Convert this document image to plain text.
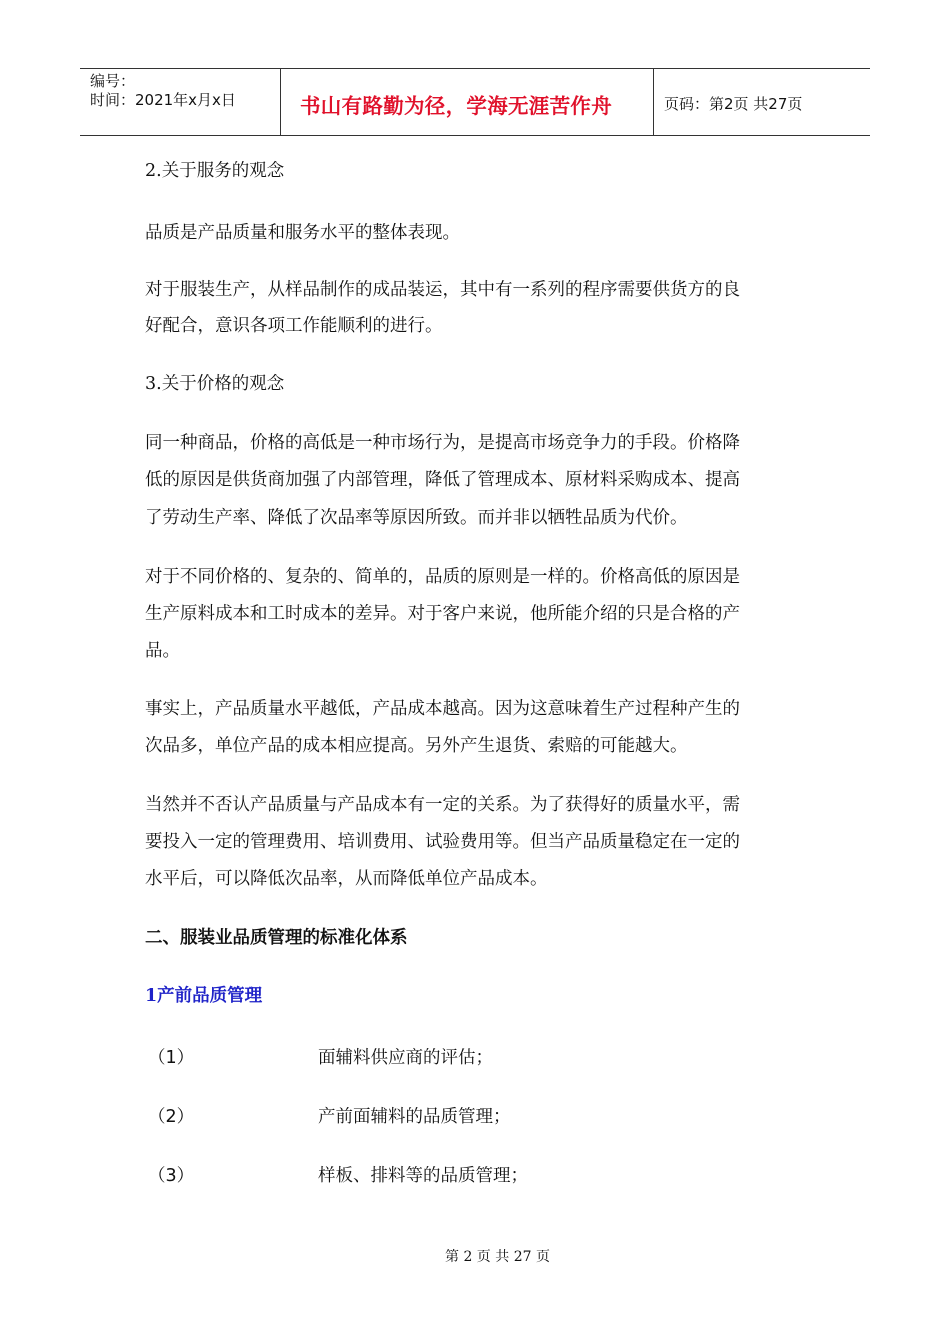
编号：
时间：2021年x月x日	书山有路勤为径，学海无涯苦作舟	页码：第2页 共27页
2.关于服务的观念
品质是产品质量和服务水平的整体表现。
对于服装生产，从样品制作的成品装运，其中有一系列的程序需要供货方的良
好配合，意识各项工作能顺利的进行。
3.关于价格的观念
同一种商品，价格的高低是一种市场行为，是提高市场竞争力的手段。价格降
低的原因是供货商加强了内部管理，降低了管理成本、原材料采购成本、提高
了劳动生产率、降低了次品率等原因所致。而并非以牺牲品质为代价。
对于不同价格的、复杂的、简单的，品质的原则是一样的。价格高低的原因是
生产原料成本和工时成本的差异。对于客户来说，他所能介绍的只是合格的产
品。
事实上，产品质量水平越低，产品成本越高。因为这意味着生产过程种产生的
次品多，单位产品的成本相应提高。另外产生退货、索赔的可能越大。
当然并不否认产品质量与产品成本有一定的关系。为了获得好的质量水平，需
要投入一定的管理费用、培训费用、试验费用等。但当产品质量稳定在一定的
水平后，可以降低次品率，从而降低单位产品成本。
二、服装业品质管理的标准化体系
1产前品质管理
（1）	面辅料供应商的评估；
（2）	产前面辅料的品质管理；
（3）	样板、排料等的品质管理；
第 2 页 共 27 页
